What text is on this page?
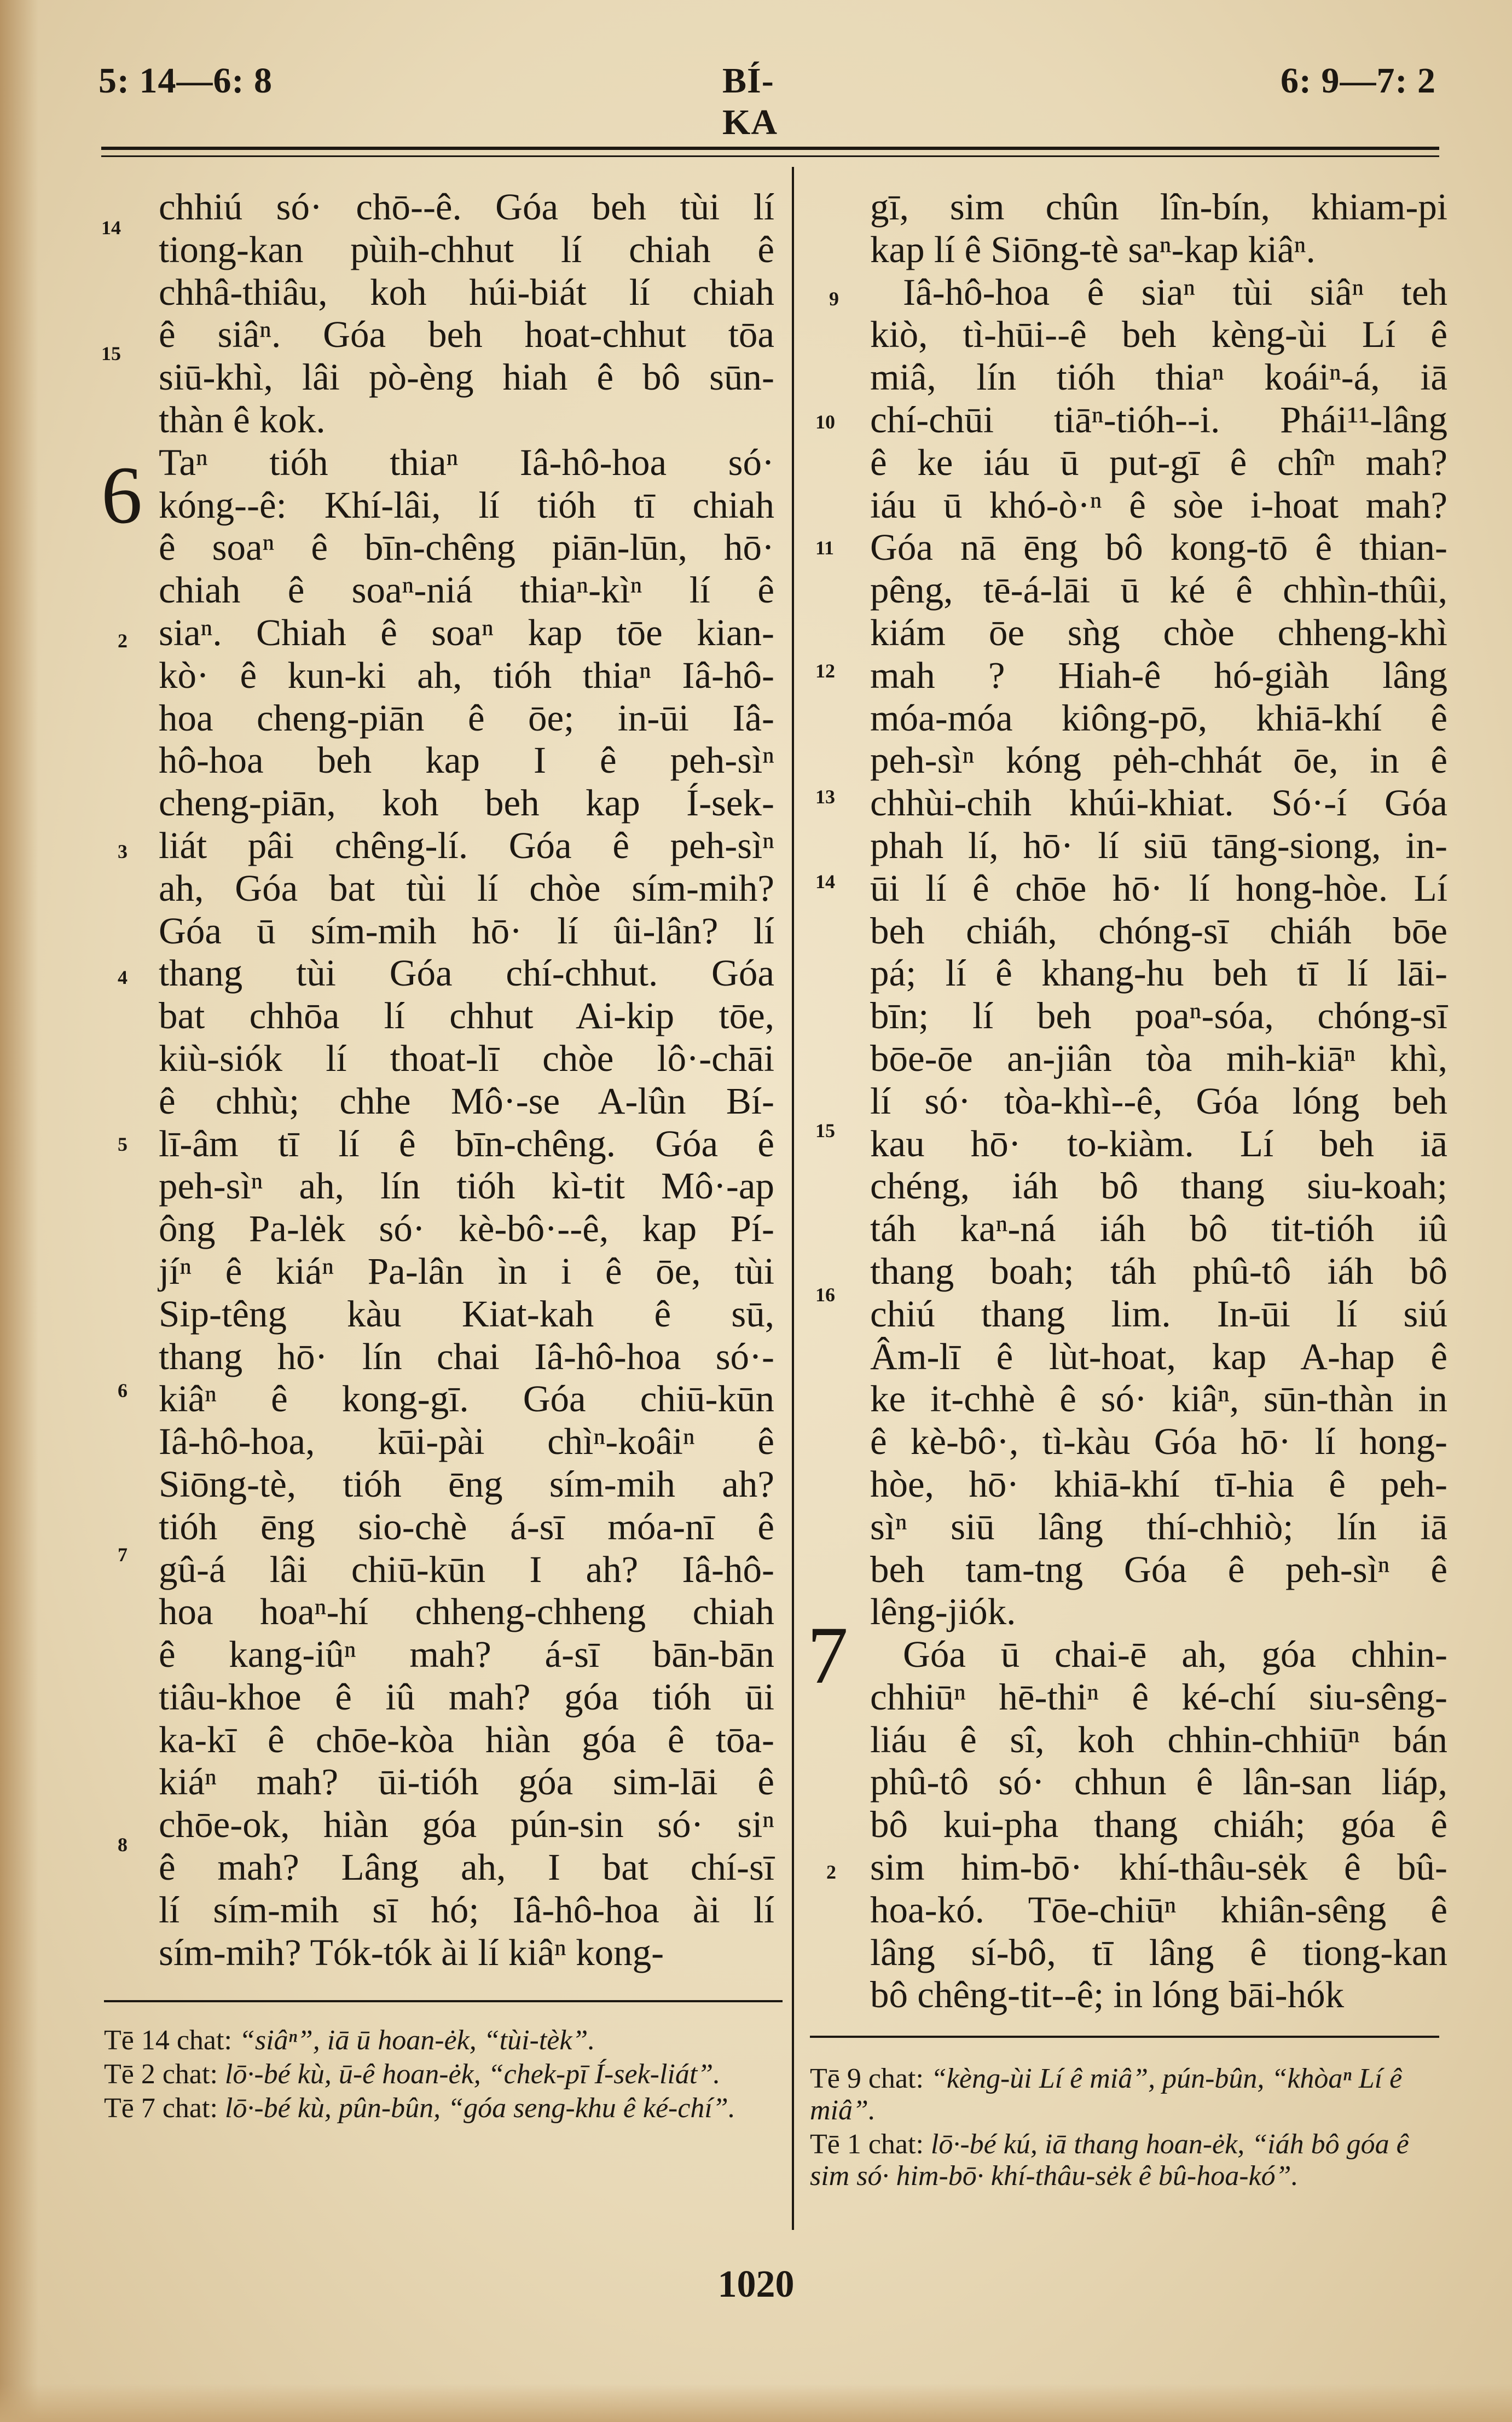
5: 14—6: 8	BÍ-KA
6: 9—7: 2
chhiú só· chō--ê. Góa beh tùi lí
tiong-kan pùih-chhut lí chiah ê
chhâ-thiâu, koh húi-biát lí chiah
ê siâⁿ. Góa beh hoat-chhut tōa
siū-khì, lâi pò-èng hiah ê bô sūn-
thàn ê kok.
Taⁿ tióh thiaⁿ Iâ-hô-hoa só·
kóng--ê: Khí-lâi, lí tióh tī chiah
ê soaⁿ ê bīn-chêng piān-lūn, hō·
chiah ê soaⁿ-niá thiaⁿ-kìⁿ lí ê
siaⁿ. Chiah ê soaⁿ kap tōe kian-
kò· ê kun-ki ah, tióh thiaⁿ Iâ-hô-
hoa cheng-piān ê ōe; in-ūi Iâ-
hô-hoa beh kap I ê peh-sìⁿ
cheng-piān, koh beh kap Í-sek-
liát pâi chêng-lí. Góa ê peh-sìⁿ
ah, Góa bat tùi lí chòe sím-mih?
Góa ū sím-mih hō· lí ûi-lân? lí
thang tùi Góa chí-chhut. Góa
bat chhōa lí chhut Ai-kip tōe,
kiù-siók lí thoat-lī chòe lô·-chāi
ê chhù; chhe Mô·-se A-lûn Bí-
lī-âm tī lí ê bīn-chêng. Góa ê
peh-sìⁿ ah, lín tióh kì-tit Mô·-ap
ông Pa-lėk só· kè-bô·--ê, kap Pí-
jíⁿ ê kiáⁿ Pa-lân ìn i ê ōe, tùi
Sip-têng kàu Kiat-kah ê sū,
thang hō· lín chai Iâ-hô-hoa só·-
kiâⁿ ê kong-gī. Góa chiū-kūn
Iâ-hô-hoa, kūi-pài chìⁿ-koâiⁿ ê
Siōng-tè, tióh ēng sím-mih ah?
tióh ēng sio-chè á-sī móa-nī ê
gû-á lâi chiū-kūn I ah? Iâ-hô-
hoa hoaⁿ-hí chheng-chheng chiah
ê kang-iûⁿ mah? á-sī bān-bān
tiâu-khoe ê iû mah? góa tióh ūi
ka-kī ê chōe-kòa hiàn góa ê tōa-
kiáⁿ mah? ūi-tióh góa sim-lāi ê
chōe-ok, hiàn góa pún-sin só· siⁿ
ê mah? Lâng ah, I bat chí-sī
lí sím-mih sī hó; Iâ-hô-hoa ài lí
sím-mih? Tók-tók ài lí kiâⁿ kong-
6
7
14
15
2
3
4
5
6
7
8
gī, sim chûn lîn-bín, khiam-pi
kap lí ê Siōng-tè saⁿ-kap kiâⁿ.
Iâ-hô-hoa ê siaⁿ tùi siâⁿ teh
kiò, tì-hūi--ê beh kèng-ùi Lí ê
miâ, lín tióh thiaⁿ koáiⁿ-á, iā
chí-chūi tiāⁿ-tióh--i. Phái¹¹-lâng
ê ke iáu ū put-gī ê chîⁿ mah?
iáu ū khó-ò·ⁿ ê sòe i-hoat mah?
Góa nā ēng bô kong-tō ê thian-
pêng, tē-á-lāi ū ké ê chhìn-thûi,
kiám ōe sǹg chòe chheng-khì
mah ? Hiah-ê hó-giàh lâng
móa-móa kiông-pō, khiā-khí ê
peh-sìⁿ kóng pėh-chhát ōe, in ê
chhùi-chih khúi-khiat. Só·-í Góa
phah lí, hō· lí siū tāng-siong, in-
ūi lí ê chōe hō· lí hong-hòe. Lí
beh chiáh, chóng-sī chiáh bōe
pá; lí ê khang-hu beh tī lí lāi-
bīn; lí beh poaⁿ-sóa, chóng-sī
bōe-ōe an-jiân tòa mih-kiāⁿ khì,
lí só· tòa-khì--ê, Góa lóng beh
kau hō· to-kiàm. Lí beh iā
chéng, iáh bô thang siu-koah;
táh kaⁿ-ná iáh bô tit-tióh iû
thang boah; táh phû-tô iáh bô
chiú thang lim. In-ūi lí siú
Âm-lī ê lùt-hoat, kap A-hap ê
ke it-chhè ê só· kiâⁿ, sūn-thàn in
ê kè-bô·, tì-kàu Góa hō· lí hong-
hòe, hō· khiā-khí tī-hia ê peh-
sìⁿ siū lâng thí-chhiò; lín iā
beh tam-tng Góa ê peh-sìⁿ ê
lêng-jiók.
Góa ū chai-ē ah, góa chhin-
chhiūⁿ hē-thiⁿ ê ké-chí siu-sêng-
liáu ê sî, koh chhin-chhiūⁿ bán
phû-tô só· chhun ê lân-san liáp,
bô kui-pha thang chiáh; góa ê
sim him-bō· khí-thâu-sėk ê bû-
hoa-kó. Tōe-chiūⁿ khiân-sêng ê
lâng sí-bô, tī lâng ê tiong-kan
bô chêng-tit--ê; in lóng bāi-hók
9
10
11
12
13
14
15
16
2
Tē 14 chat: “siâⁿ”, iā ū hoan-ėk, “tùi-tèk”.
Tē 2 chat: lō·-bé kù, ū-ê hoan-ėk, “chek-pī Í-sek-liát”.
Tē 7 chat: lō·-bé kù, pûn-bûn, “góa seng-khu ê ké-chí”.
Tē 9 chat: “kèng-ùi Lí ê miâ”, pún-bûn, “khòaⁿ Lí ê miâ”.
Tē 1 chat: lō·-bé kú, iā thang hoan-ėk, “iáh bô góa ê sim só· him-bō· khí-thâu-sėk ê bû-hoa-kó”.
1020
